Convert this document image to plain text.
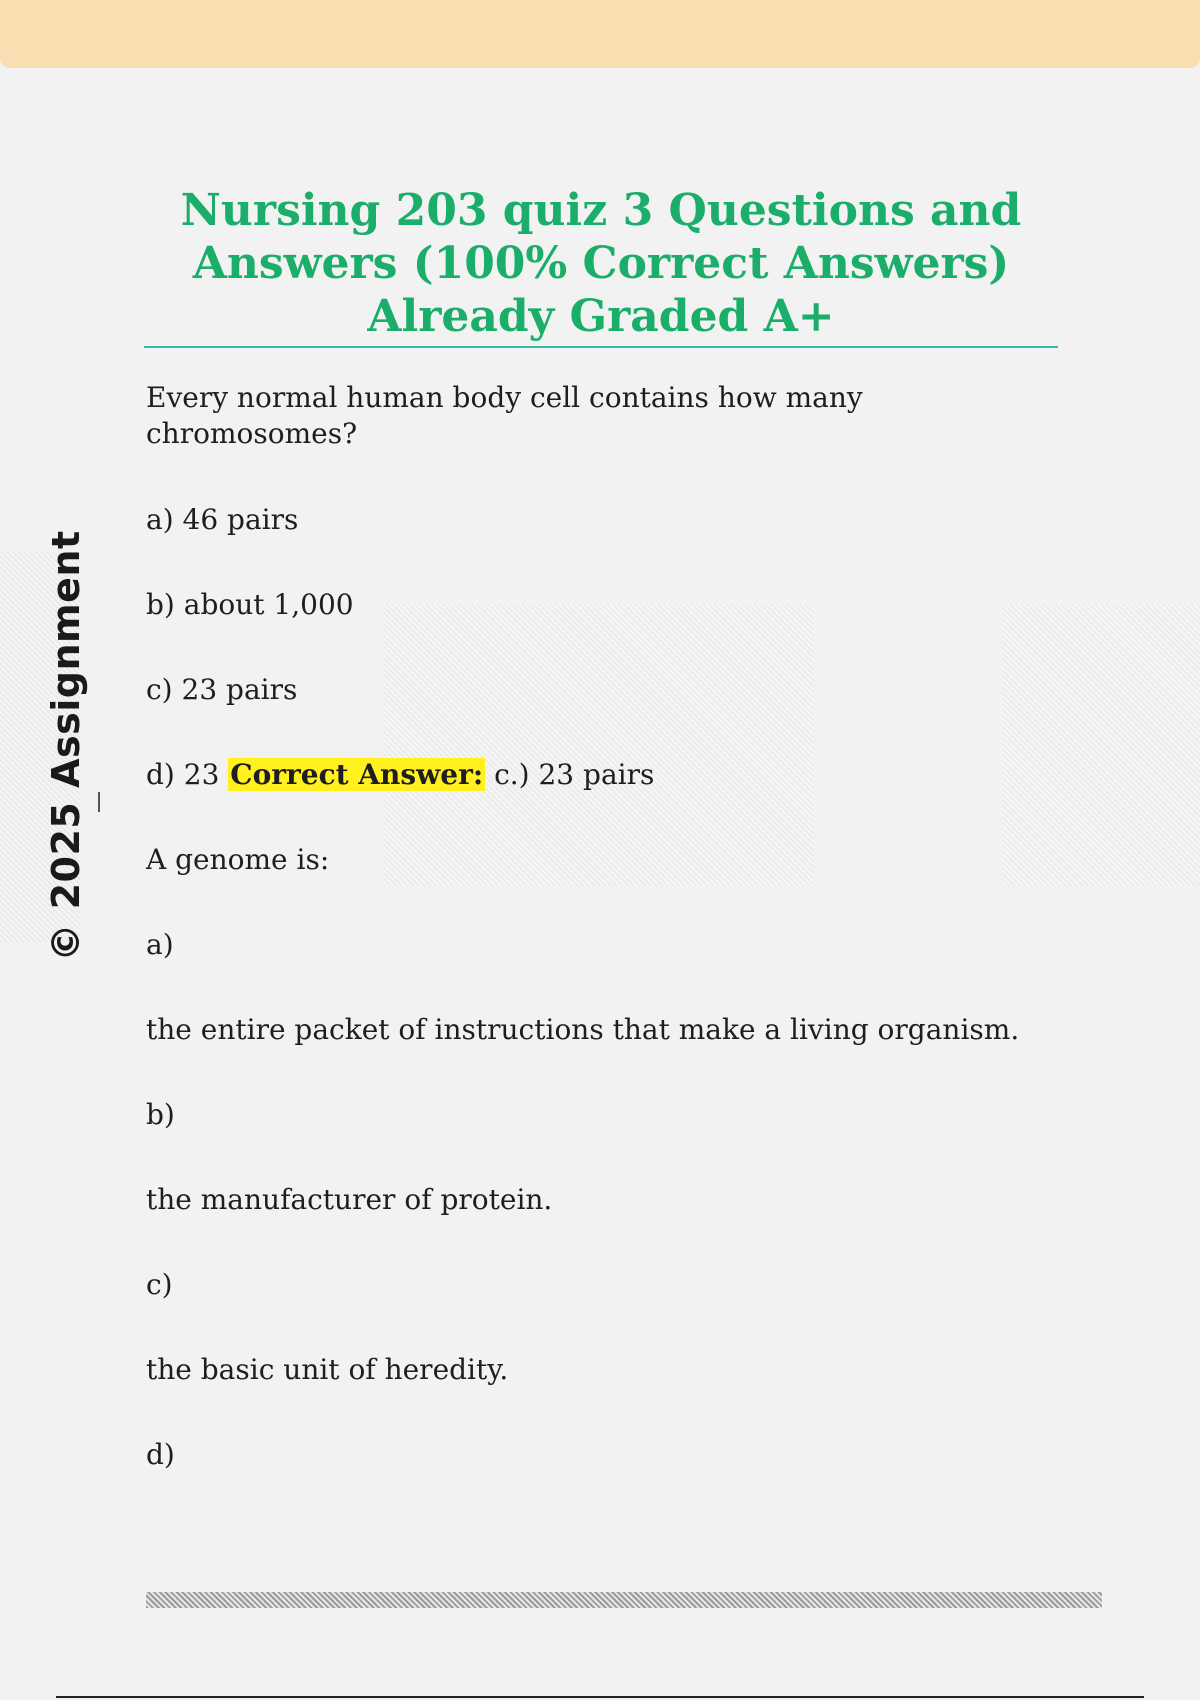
Nursing 203 quiz 3 Questions and Answers (100% Correct Answers) Already Graded A+
© 2025 Assignment

Every normal human body cell contains how many chromosomes?

a) 46 pairs

b) about 1,000

c) 23 pairs

d) 23 Correct Answer: c.) 23 pairs

A genome is:

a)

the entire packet of instructions that make a living organism.

b)

the manufacturer of protein.

c)

the basic unit of heredity.

d)
